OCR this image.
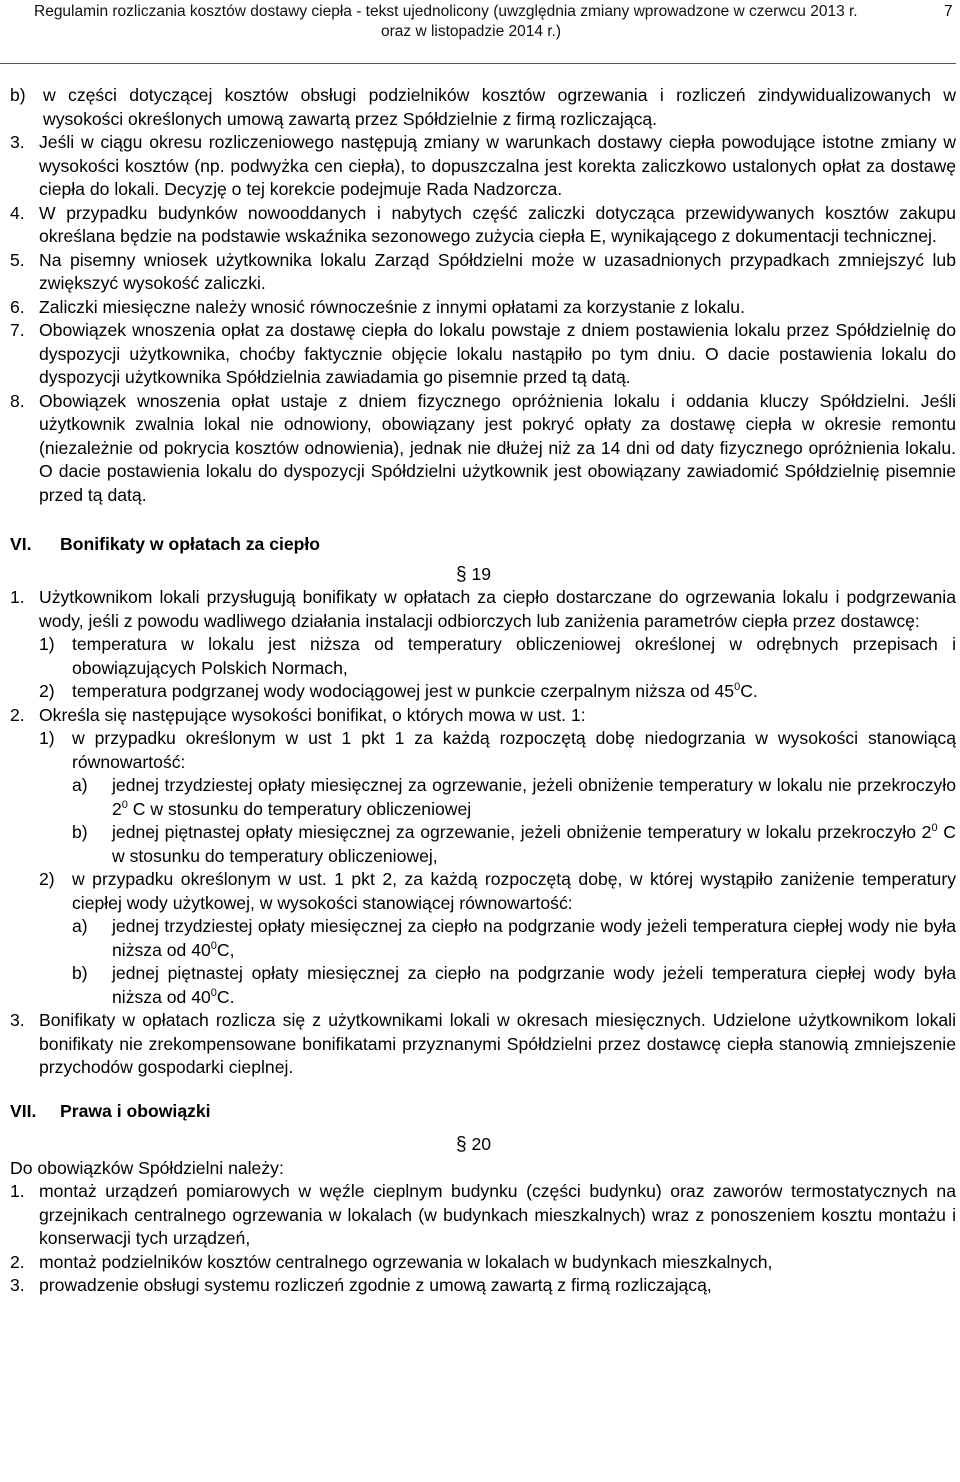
Regulamin rozliczania kosztów dostawy ciepła - tekst ujednolicony (uwzględnia zmiany wprowadzone w czerwcu 2013 r.	7
oraz w listopadzie 2014 r.)
b) w części dotyczącej kosztów obsługi podzielników kosztów ogrzewania i rozliczeń zindywidualizowanych w wysokości określonych umową zawartą przez Spółdzielnie z firmą rozliczającą.
3. Jeśli w ciągu okresu rozliczeniowego następują zmiany w warunkach dostawy ciepła powodujące istotne zmiany w wysokości kosztów (np. podwyżka cen ciepła), to dopuszczalna jest korekta zaliczkowo ustalonych opłat za dostawę ciepła do lokali. Decyzję o tej korekcie podejmuje Rada Nadzorcza.
4. W przypadku budynków nowooddanych i nabytych część zaliczki dotycząca przewidywanych kosztów zakupu określana będzie na podstawie wskaźnika sezonowego zużycia ciepła E, wynikającego z dokumentacji technicznej.
5. Na pisemny wniosek użytkownika lokalu Zarząd Spółdzielni może w uzasadnionych przypadkach zmniejszyć lub zwiększyć wysokość zaliczki.
6. Zaliczki miesięczne należy wnosić równocześnie z innymi opłatami za korzystanie z lokalu.
7. Obowiązek wnoszenia opłat za dostawę ciepła do lokalu powstaje z dniem postawienia lokalu przez Spółdzielnię do dyspozycji użytkownika, choćby faktycznie objęcie lokalu nastąpiło po tym dniu. O dacie postawienia lokalu do dyspozycji użytkownika Spółdzielnia zawiadamia go pisemnie przed tą datą.
8. Obowiązek wnoszenia opłat ustaje z dniem fizycznego opróżnienia lokalu i oddania kluczy Spółdzielni. Jeśli użytkownik zwalnia lokal nie odnowiony, obowiązany jest pokryć opłaty za dostawę ciepła w okresie remontu (niezależnie od pokrycia kosztów odnowienia), jednak nie dłużej niż za 14 dni od daty fizycznego opróżnienia lokalu. O dacie postawienia lokalu do dyspozycji Spółdzielni użytkownik jest obowiązany zawiadomić Spółdzielnię pisemnie przed tą datą.
VI.	Bonifikaty w opłatach za ciepło
§ 19
1. Użytkownikom lokali przysługują bonifikaty w opłatach za ciepło dostarczane do ogrzewania lokalu i podgrzewania wody, jeśli z powodu wadliwego działania instalacji odbiorczych lub zaniżenia parametrów ciepła przez dostawcę:
1) temperatura w lokalu jest niższa od temperatury obliczeniowej określonej w odrębnych przepisach i obowiązujących Polskich Normach,
2) temperatura podgrzanej wody wodociągowej jest w punkcie czerpalnym niższa od $45^0C$.
2. Określa się następujące wysokości bonifikat, o których mowa w ust. 1:
1) w przypadku określonym w ust 1 pkt 1 za każdą rozpoczętą dobę niedogrzania w wysokości stanowiącą równowartość:
a)	jednej trzydziestej opłaty miesięcznej za ogrzewanie, jeżeli obniżenie temperatury w lokalu nie przekroczyło $2^0$ C w stosunku do temperatury obliczeniowej
b)	jednej piętnastej opłaty miesięcznej za ogrzewanie, jeżeli obniżenie temperatury w lokalu przekroczyło $2^0$ C w stosunku do temperatury obliczeniowej,
2) w przypadku określonym w ust. 1 pkt 2, za każdą rozpoczętą dobę, w której wystąpiło zaniżenie temperatury ciepłej wody użytkowej, w wysokości stanowiącej równowartość:
a)	jednej trzydziestej opłaty miesięcznej za ciepło na podgrzanie wody jeżeli temperatura ciepłej wody nie była niższa od $40^0C$,
b)	jednej piętnastej opłaty miesięcznej za ciepło na podgrzanie wody jeżeli temperatura ciepłej wody była niższa od $40^0C$.
3. Bonifikaty w opłatach rozlicza się z użytkownikami lokali w okresach miesięcznych. Udzielone użytkownikom lokali bonifikaty nie zrekompensowane bonifikatami przyznanymi Spółdzielni przez dostawcę ciepła stanowią zmniejszenie przychodów gospodarki cieplnej.
VII.	Prawa i obowiązki
§ 20
Do obowiązków Spółdzielni należy:
1. montaż urządzeń pomiarowych w węźle cieplnym budynku (części budynku) oraz zaworów termostatycznych na grzejnikach centralnego ogrzewania w lokalach (w budynkach mieszkalnych) wraz z ponoszeniem kosztu montażu i konserwacji tych urządzeń,
2. montaż podzielników kosztów centralnego ogrzewania w lokalach w budynkach mieszkalnych,
3. prowadzenie obsługi systemu rozliczeń zgodnie z umową zawartą z firmą rozliczającą,
